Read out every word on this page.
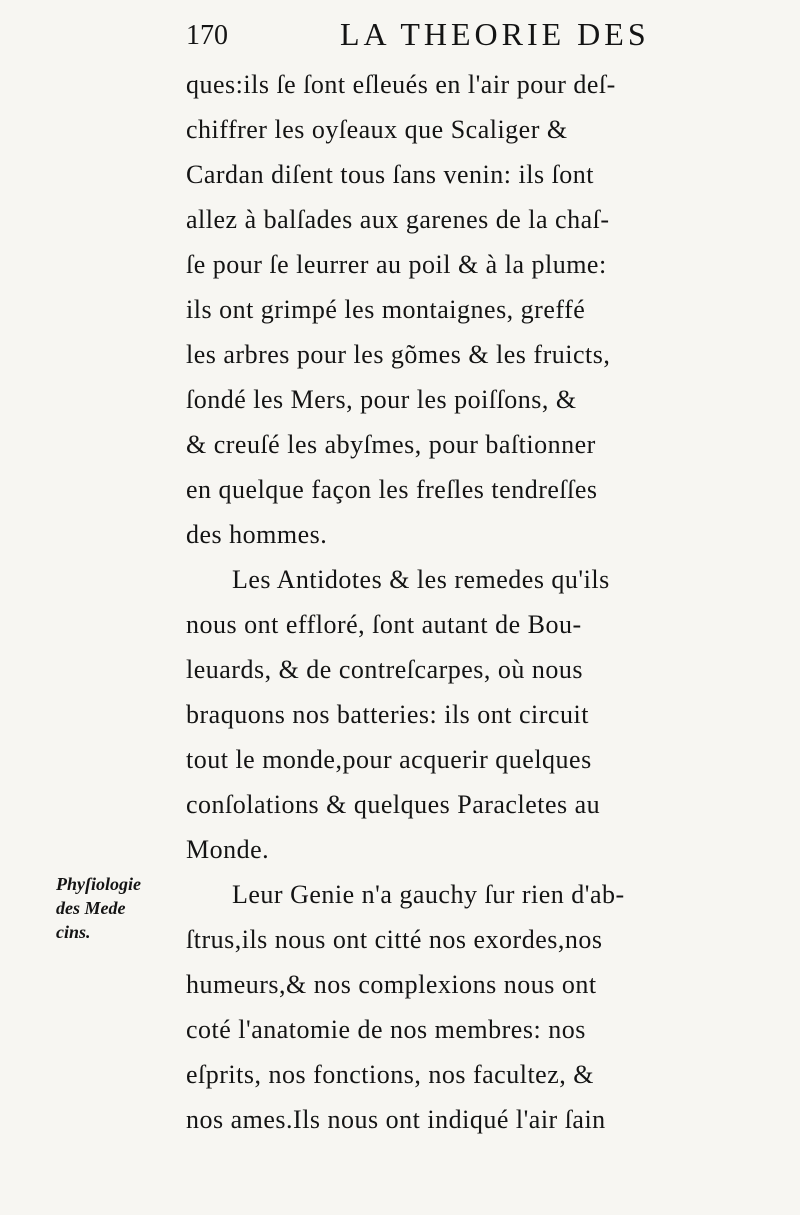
170	LA THEORIE DES
Phyſiologie
des Mede
cins.
ques:ils ſe ſont eſleués en l'air pour deſ-
chiffrer les oyſeaux que Scaliger &
Cardan diſent tous ſans venin: ils ſont
allez à balſades aux garenes de la chaſ-
ſe pour ſe leurrer au poil & à la plume:
ils ont grimpé les montaignes, greffé
les arbres pour les gõmes & les fruicts,
ſondé les Mers, pour les poiſſons, &
& creuſé les abyſmes, pour baſtionner
en quelque façon les freſles tendreſſes
des hommes.
Les Antidotes & les remedes qu'ils
nous ont effloré, ſont autant de Bou-
leuards, & de contreſcarpes, où nous
braquons nos batteries: ils ont circuit
tout le monde,pour acquerir quelques
conſolations & quelques Paracletes au
Monde.
Leur Genie n'a gauchy ſur rien d'ab-
ſtrus,ils nous ont citté nos exordes,nos
humeurs,& nos complexions nous ont
coté l'anatomie de nos membres: nos
eſprits, nos fonctions, nos facultez, &
nos ames.Ils nous ont indiqué l'air ſain
